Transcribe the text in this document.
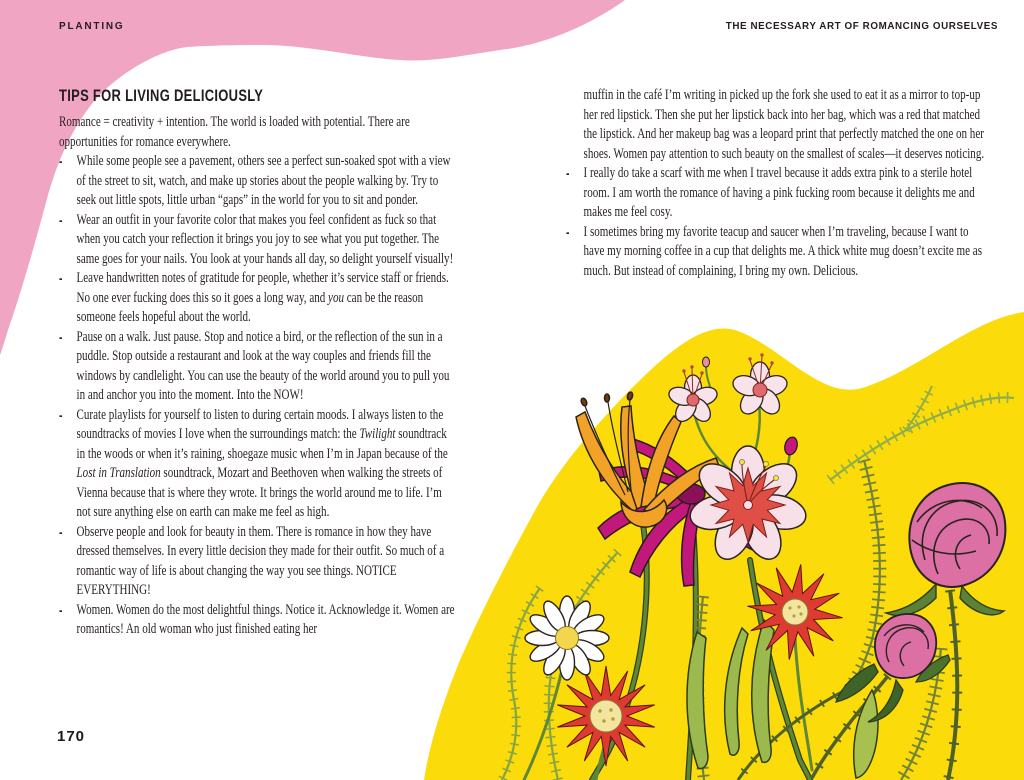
PLANTING	THE NECESSARY ART OF ROMANCING OURSELVES
TIPS FOR LIVING DELICIOUSLY

Romance = creativity + intention. The world is loaded with potential. There are opportunities for romance everywhere.

- While some people see a pavement, others see a perfect sun-soaked spot with a view of the street to sit, watch, and make up stories about the people walking by. Try to seek out little spots, little urban “gaps” in the world for you to sit and ponder.
- Wear an outfit in your favorite color that makes you feel confident as fuck so that when you catch your reflection it brings you joy to see what you put together. The same goes for your nails. You look at your hands all day, so delight yourself visually!
- Leave handwritten notes of gratitude for people, whether it’s service staff or friends. No one ever fucking does this so it goes a long way, and you can be the reason someone feels hopeful about the world.
- Pause on a walk. Just pause. Stop and notice a bird, or the reflection of the sun in a puddle. Stop outside a restaurant and look at the way couples and friends fill the windows by candlelight. You can use the beauty of the world around you to pull you in and anchor you into the moment. Into the NOW!
- Curate playlists for yourself to listen to during certain moods. I always listen to the soundtracks of movies I love when the surroundings match: the Twilight soundtrack in the woods or when it’s raining, shoegaze music when I’m in Japan because of the Lost in Translation soundtrack, Mozart and Beethoven when walking the streets of Vienna because that is where they wrote. It brings the world around me to life. I’m not sure anything else on earth can make me feel as high.
- Observe people and look for beauty in them. There is romance in how they have dressed themselves. In every little decision they made for their outfit. So much of a romantic way of life is about changing the way you see things. NOTICE EVERYTHING!
- Women. Women do the most delightful things. Notice it. Acknowledge it. Women are romantics! An old woman who just finished eating her

muffin in the café I’m writing in picked up the fork she used to eat it as a mirror to top-up her red lipstick. Then she put her lipstick back into her bag, which was a red that matched the lipstick. And her makeup bag was a leopard print that perfectly matched the one on her shoes. Women pay attention to such beauty on the smallest of scales—it deserves noticing.

- I really do take a scarf with me when I travel because it adds extra pink to a sterile hotel room. I am worth the romance of having a pink fucking room because it delights me and makes me feel cosy.
- I sometimes bring my favorite teacup and saucer when I’m traveling, because I want to have my morning coffee in a cup that delights me. A thick white mug doesn’t excite me as much. But instead of complaining, I bring my own. Delicious.
170
